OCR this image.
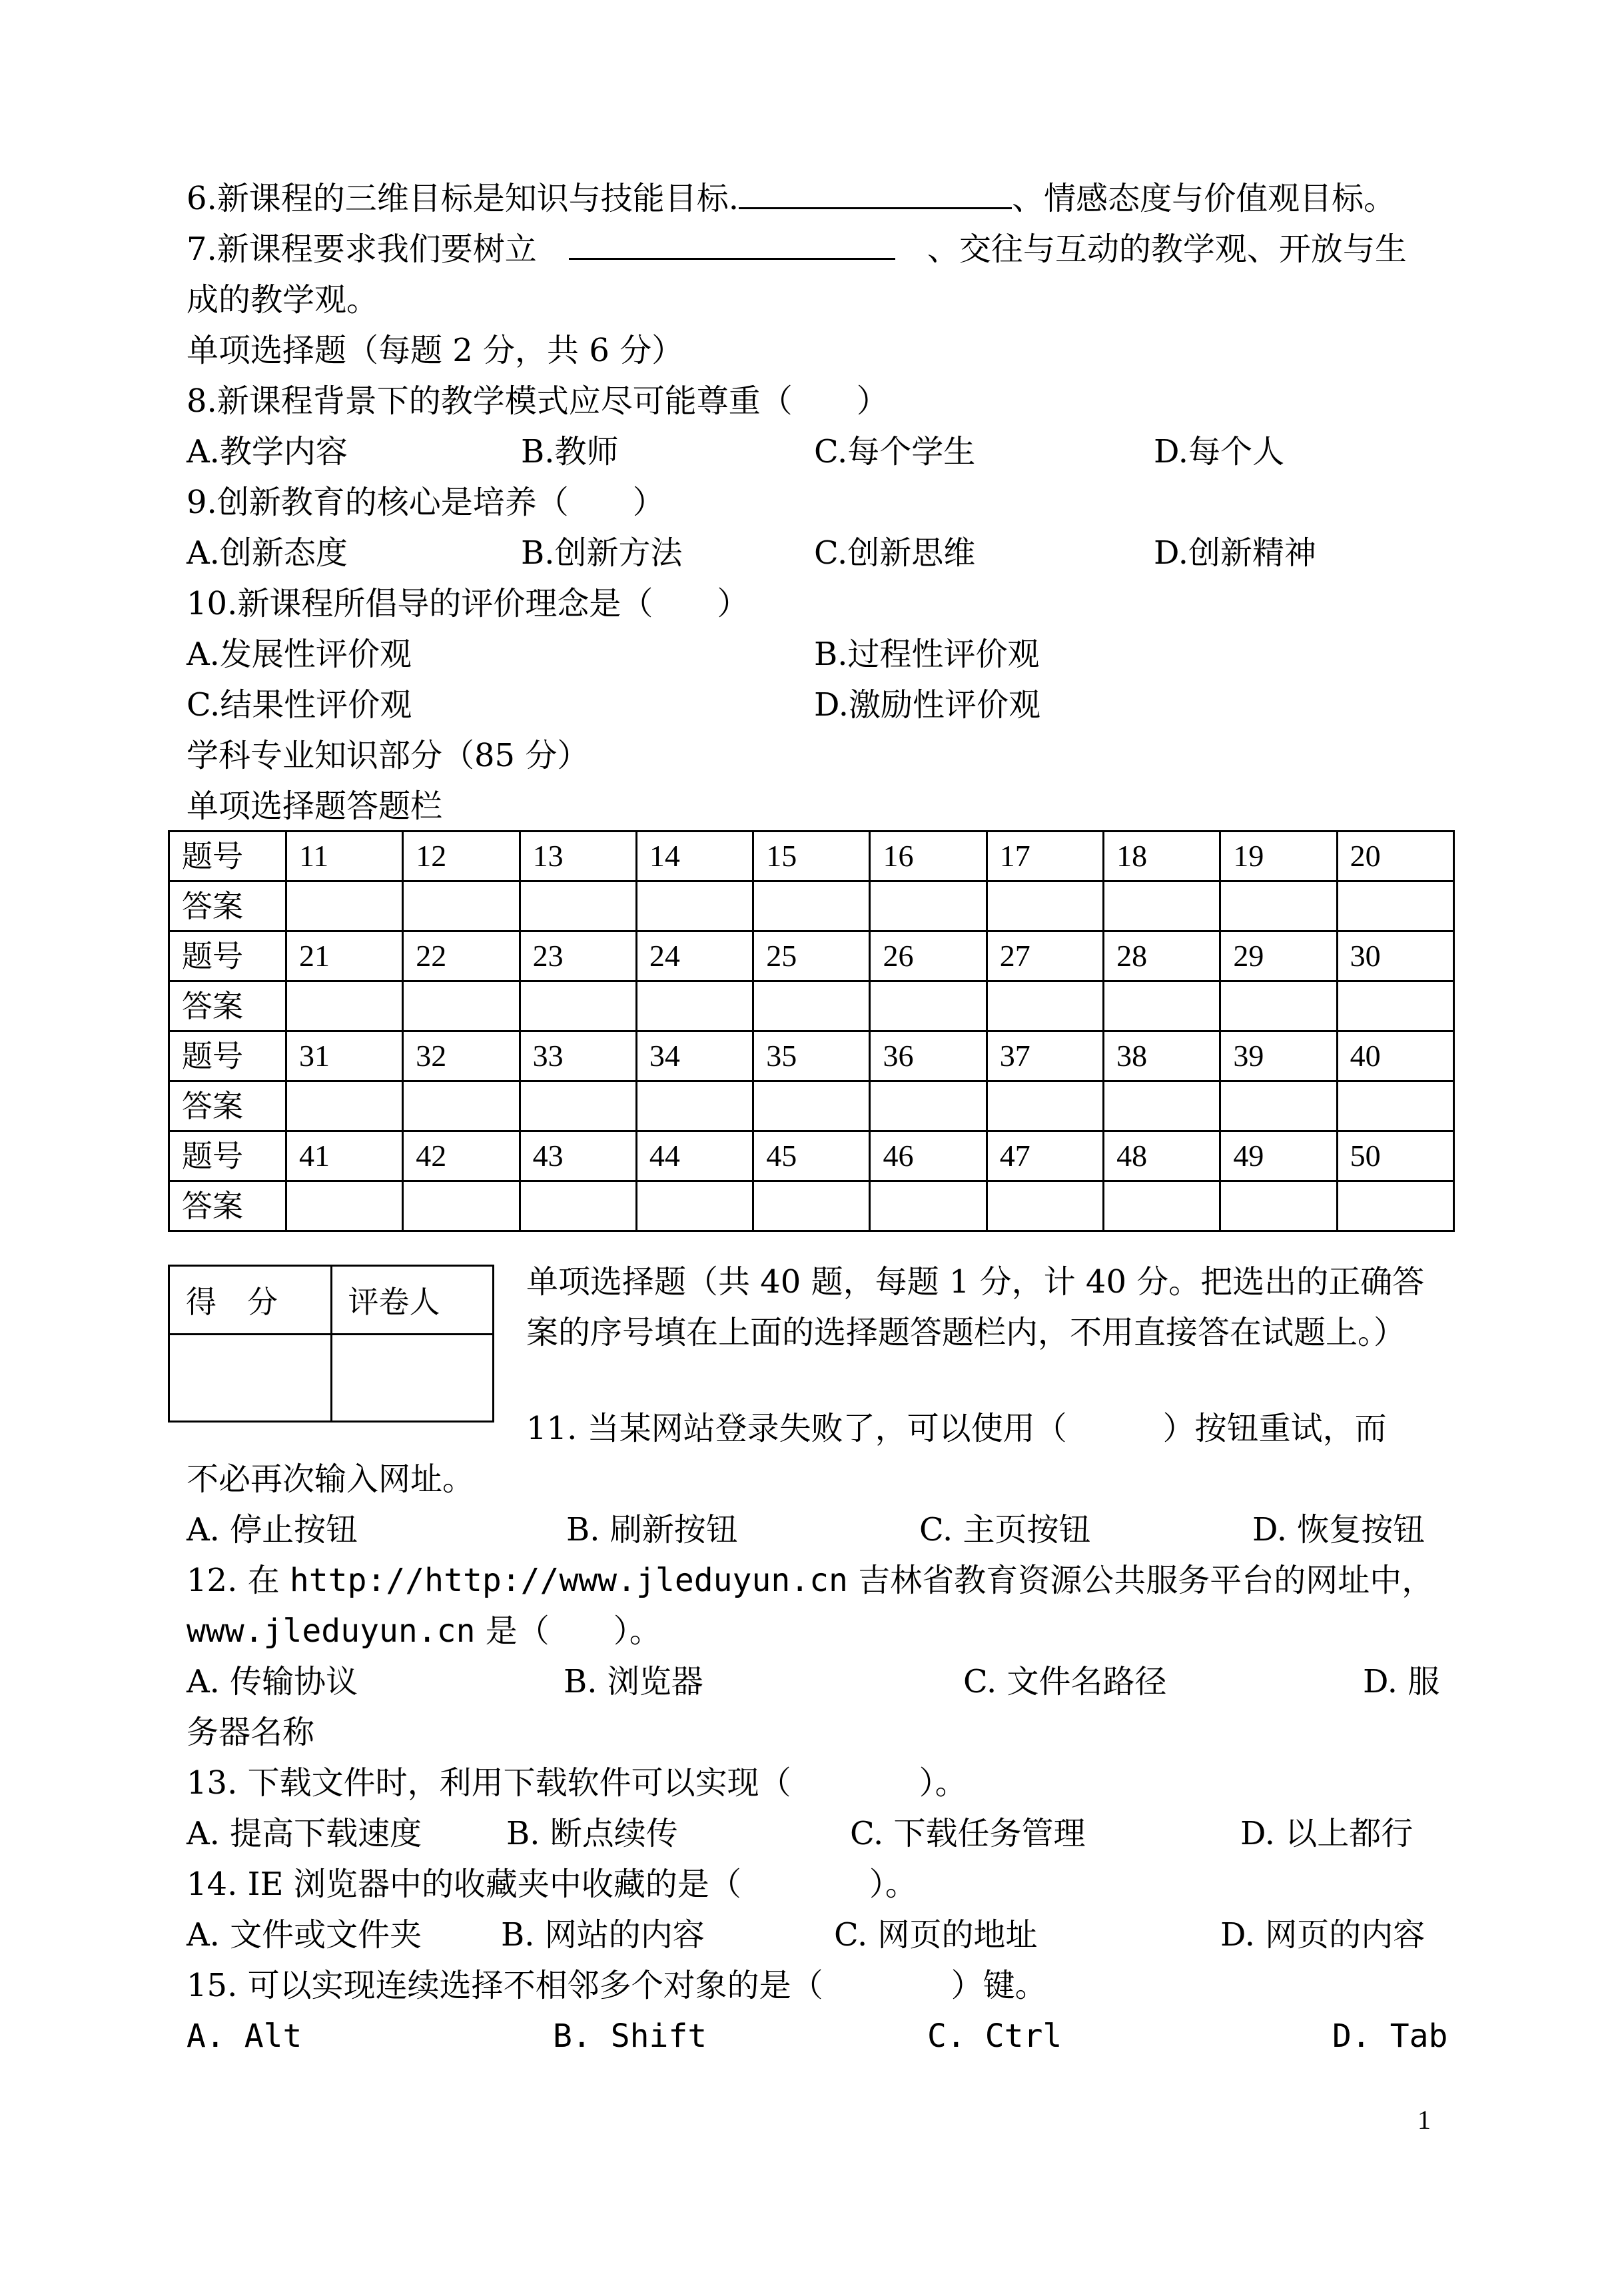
6.新课程的三维目标是知识与技能目标.	、情感态度与价值观目标。
7.新课程要求我们要树立　　	、交往与互动的教学观、开放与生
成的教学观。
单项选择题（每题 2 分，共 6 分）
8.新课程背景下的教学模式应尽可能尊重（　　）
A.教学内容	B.教师	C.每个学生	D.每个人
9.创新教育的核心是培养（　　）
A.创新态度	B.创新方法	C.创新思维	D.创新精神
10.新课程所倡导的评价理念是（　　）
A.发展性评价观	B.过程性评价观
C.结果性评价观	D.激励性评价观
学科专业知识部分（85 分）
单项选择题答题栏
题号	11	12	13	14	15	16	17	18	19	20
答案										
题号	21	22	23	24	25	26	27	28	29	30
答案										
题号	31	32	33	34	35	36	37	38	39	40
答案										
题号	41	42	43	44	45	46	47	48	49	50
答案										
得　分	评卷人

单项选择题（共 40 题，每题 1 分，计 40 分。把选出的正确答
案的序号填在上面的选择题答题栏内，不用直接答在试题上。）
11. 当某网站登录失败了，可以使用（　　　）按钮重试，而
不必再次输入网址。
A. 停止按钮	B. 刷新按钮	C. 主页按钮	D. 恢复按钮
12. 在 http://http://www.jleduyun.cn 吉林省教育资源公共服务平台的网址中，
www.jleduyun.cn 是（　　）。
A. 传输协议	B. 浏览器	C. 文件名路径	D. 服
务器名称
13. 下载文件时，利用下载软件可以实现（　　　　）。
A. 提高下载速度	B. 断点续传	C. 下载任务管理	D. 以上都行
14. IE 浏览器中的收藏夹中收藏的是（　　　　）。
A. 文件或文件夹 B. 网站的内容	C. 网页的地址	D. 网页的内容
15. 可以实现连续选择不相邻多个对象的是（　　　　）键。
A. Alt	B. Shift	C. Ctrl	D. Tab
1
